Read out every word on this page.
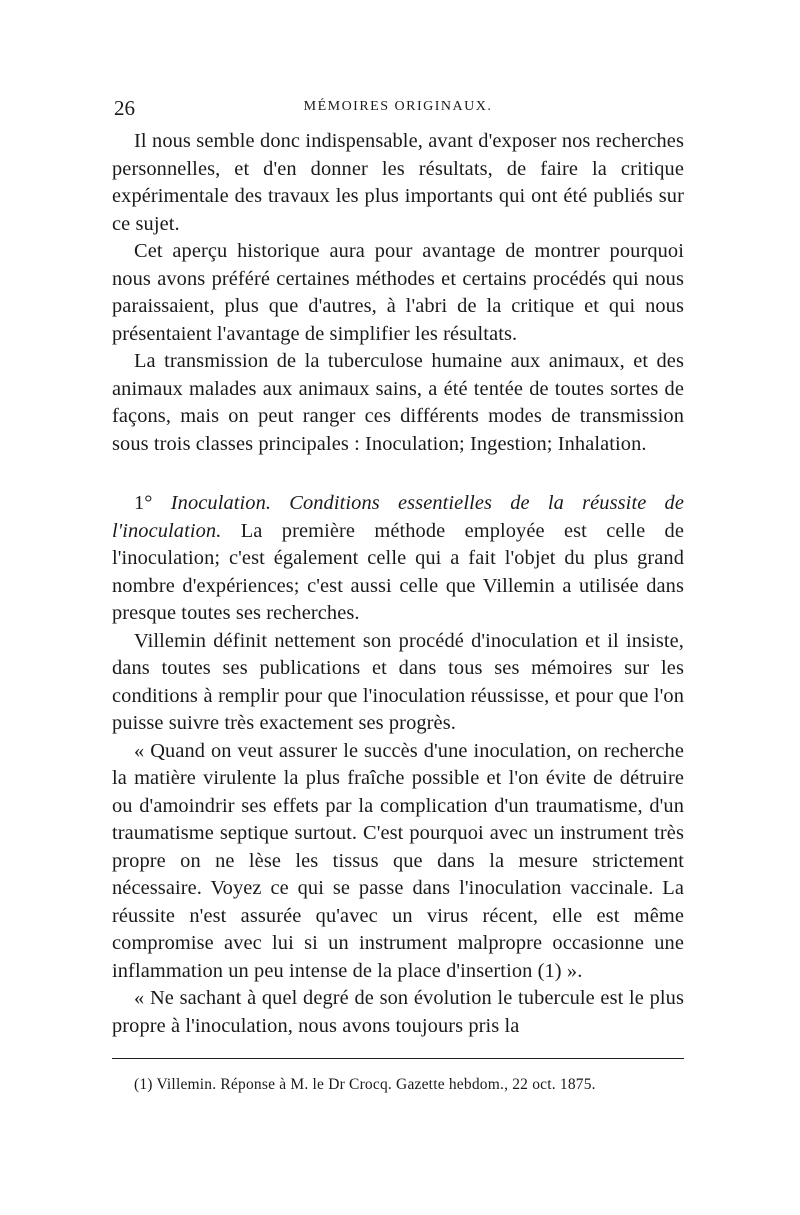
26	MÉMOIRES ORIGINAUX.

Il nous semble donc indispensable, avant d'exposer nos recherches personnelles, et d'en donner les résultats, de faire la critique expérimentale des travaux les plus importants qui ont été publiés sur ce sujet.

Cet aperçu historique aura pour avantage de montrer pourquoi nous avons préféré certaines méthodes et certains procédés qui nous paraissaient, plus que d'autres, à l'abri de la critique et qui nous présentaient l'avantage de simplifier les résultats.

La transmission de la tuberculose humaine aux animaux, et des animaux malades aux animaux sains, a été tentée de toutes sortes de façons, mais on peut ranger ces différents modes de transmission sous trois classes principales : Inoculation; Ingestion; Inhalation.

1° Inoculation. Conditions essentielles de la réussite de l'inoculation. La première méthode employée est celle de l'inoculation; c'est également celle qui a fait l'objet du plus grand nombre d'expériences; c'est aussi celle que Villemin a utilisée dans presque toutes ses recherches.

Villemin définit nettement son procédé d'inoculation et il insiste, dans toutes ses publications et dans tous ses mémoires sur les conditions à remplir pour que l'inoculation réussisse, et pour que l'on puisse suivre très exactement ses progrès.

« Quand on veut assurer le succès d'une inoculation, on recherche la matière virulente la plus fraîche possible et l'on évite de détruire ou d'amoindrir ses effets par la complication d'un traumatisme, d'un traumatisme septique surtout. C'est pourquoi avec un instrument très propre on ne lèse les tissus que dans la mesure strictement nécessaire. Voyez ce qui se passe dans l'inoculation vaccinale. La réussite n'est assurée qu'avec un virus récent, elle est même compromise avec lui si un instrument malpropre occasionne une inflammation un peu intense de la place d'insertion (1) ».

« Ne sachant à quel degré de son évolution le tubercule est le plus propre à l'inoculation, nous avons toujours pris la

(1) Villemin. Réponse à M. le Dr Crocq. Gazette hebdom., 22 oct. 1875.
